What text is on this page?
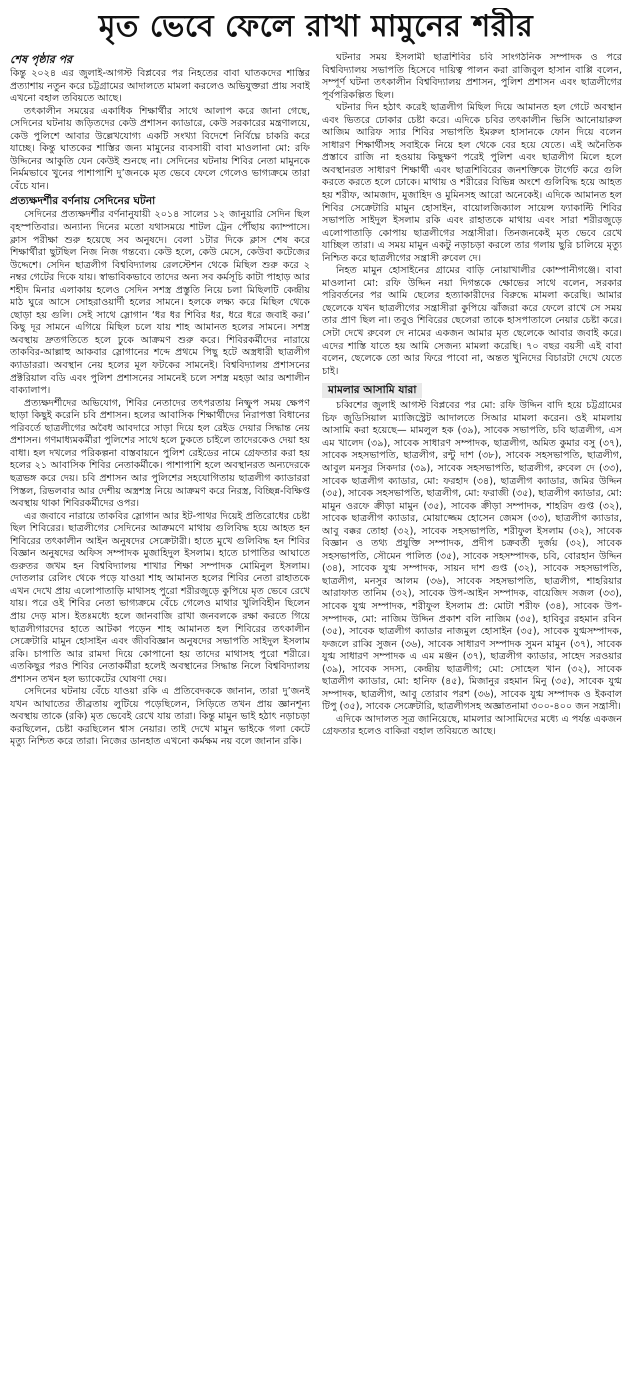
মৃত ভেবে ফেলে রাখা মামুনের শরীর
শেষ পৃষ্ঠার পর

কিন্তু ২০২৪ এর জুলাই-আগস্ট বিপ্লবের পর নিহতের বাবা ঘাতকদের শাস্তির প্রত্যাশায় নতুন করে চট্টগ্রামের আদালতে মামলা করলেও অভিযুক্তরা প্রায় সবাই এখনো বহাল তবিয়তে আছে।

তৎকালীন সময়ের একাধিক শিক্ষার্থীর সাথে আলাপ করে জানা গেছে, সেদিনের ঘটনায় জড়িতদের কেউ প্রশাসন ক্যাডারে, কেউ সরকারের মন্ত্রণালয়ে, কেউ পুলিশে আবার উল্লেখযোগ্য একটি সংখ্যা বিদেশে নির্বিঘ্নে চাকরি করে যাচ্ছে। কিন্তু ঘাতকের শাস্তির জন্য মামুনের ব্যবসায়ী বাবা মাওলানা মো: রফি উদ্দিনের আকুতি যেন কেউই শুনছে না। সেদিনের ঘটনায় শিবির নেতা মামুনকে নির্মমভাবে খুনের পাশাপাশি দু’জনকে মৃত ভেবে ফেলে গেলেও ভাগ্যক্রমে তারা বেঁচে যান।

প্রত্যক্ষদর্শীর বর্ণনায় সেদিনের ঘটনা

সেদিনের প্রত্যক্ষদর্শীর বর্ণনানুযায়ী ২০১৪ সালের ১২ জানুয়ারি সেদিন ছিল বৃহস্পতিবার। অন্যান্য দিনের মতো যথাসময়ে শাটল ট্রেন পৌঁছায় ক্যাম্পাসে। ক্লাস পরীক্ষা শুরু হয়েছে সব অনুষদে। বেলা ১টার দিকে ক্লাস শেষ করে শিক্ষার্থীরা ছুটছিল নিজ নিজ গন্তব্যে। কেউ হলে, কেউ মেসে, কেউবা কটেজের উদ্দেশে। সেদিন ছাত্রলীগ বিশ্ববিদ্যালয় রেলস্টেশন থেকে মিছিল শুরু করে ২ নম্বর গেটের দিকে যায়। স্বাভাবিকভাবে তাদের অন্য সব কর্মসূচি কাটা পাহাড় আর শহীদ মিনার এলাকায় হলেও সেদিন সশস্ত্র প্রস্তুতি নিয়ে চলা মিছিলটি কেন্দ্রীয় মাঠ ঘুরে আসে সোহরাওয়ার্দী হলের সামনে। হলকে লক্ষ্য করে মিছিল থেকে ছোড়া হয় গুলি। সেই সাথে স্লোগান ‘ধর ধর শিবির ধর, ধরে ধরে জবাই কর।’ কিছু দূর সামনে এগিয়ে মিছিল চলে যায় শাহ আমানত হলের সামনে। সশস্ত্র অবস্থায় দ্রুতগতিতে হলে ঢুকে আক্রমণ শুরু করে। শিবিরকর্মীদের নারায়ে তাকবির-আল্লাহু আকবার স্লোগানের শব্দে প্রথমে পিছু হটে অস্ত্রধারী ছাত্রলীগ ক্যাডাররা। অবস্থান নেয় হলের মূল ফটকের সামনেই। বিশ্ববিদ্যালয় প্রশাসনের প্রক্টরিয়াল বডি এবং পুলিশ প্রশাসনের সামনেই চলে সশস্ত্র মহড়া আর অশালীন বাক্যালাপ।

প্রত্যক্ষদর্শীদের অভিযোগ, শিবির নেতাদের তৎপরতায় নিষ্ফুপ সময় ক্ষেপণ ছাড়া কিছুই করেনি চবি প্রশাসন। হলের আবাসিক শিক্ষার্থীদের নিরাপত্তা বিধানের পরিবর্তে ছাত্রলীগের অবৈধ আবদারে সাড়া দিয়ে হল রেইড দেয়ার সিদ্ধান্ত নেয় প্রশাসন। গণমাধ্যমকর্মীরা পুলিশের সাথে হলে ঢুকতে চাইলে তাদেরকেও দেয়া হয় বাধা। হল দখলের পরিকল্পনা বাস্তবায়নে পুলিশ রেইডের নামে গ্রেফতার করা হয় হলের ২১ আবাসিক শিবির নেতাকর্মীকে। পাশাপাশি হলে অবস্থানরত অন্যদেরকে ছত্রভঙ্গ করে দেয়। চবি প্রশাসন আর পুলিশের সহযোগিতায় ছাত্রলীগ ক্যাডাররা পিস্তল, রিভলবার আর দেশীয় অস্ত্রশস্ত্র নিয়ে আক্রমণ করে নিরস্ত্র, বিচ্ছিন্ন-বিক্ষিপ্ত অবস্থায় থাকা শিবিরকর্মীদের ওপর।

এর জবাবে নারায়ে তাকবির স্লোগান আর ইট-পাথর দিয়েই প্রতিরোধের চেষ্টা ছিল শিবিরের। ছাত্রলীগের সেদিনের আক্রমণে মাথায় গুলিবিদ্ধ হয়ে আহত হন শিবিরের তৎকালীন আইন অনুষদের সেক্রেটারী। হাতে মুখে গুলিবিদ্ধ হন শিবির বিজ্ঞান অনুষদের অফিস সম্পাদক মুজাহিদুল ইসলাম। হাতে চাপাতির আঘাতে গুরুতর জখম হন বিশ্ববিদ্যালয় শাখার শিক্ষা সম্পাদক মোমিনুল ইসলাম। দোতলার রেলিং থেকে পড়ে যাওয়া শাহ আমানত হলের শিবির নেতা রাহাতকে এখন দেখে প্রায় এলোপাতাড়ি মাথাসহ পুরো শরীরজুড়ে কুপিয়ে মৃত ভেবে রেখে যায়। পরে ওই শিবির নেতা ভাগ্যক্রমে বেঁচে গেলেও মাথার খুলিবিহীন ছিলেন প্রায় দেড় মাস। ইতঃমধ্যে হলে জানবাজি রাখা জনবলকে রক্ষা করতে গিয়ে ছাত্রলীগারদের হাতে আটকা পড়েন শাহ আমানত হল শিবিরের তৎকালীন সেক্রেটারি মামুন হোসাইন এবং জীববিজ্ঞান অনুষদের সভাপতি সাইদুল ইসলাম রকি। চাপাতি আর রামদা দিয়ে কোপানো হয় তাদের মাথাসহ পুরো শরীরে। এতকিছুর পরও শিবির নেতাকর্মীরা হলেই অবস্থানের সিদ্ধান্ত নিলে বিশ্ববিদ্যালয় প্রশাসন তখন হল ভ্যাকেটের ঘোষণা দেয়।

সেদিনের ঘটনায় বেঁচে যাওয়া রকি এ প্রতিবেদককে জানান, তারা দু’জনই যখন আঘাতের তীব্রতায় লুটিয়ে পড়েছিলেন, সিড়িতে তখন প্রায় জ্ঞানশূন্য অবস্থায় তাকে (রকি) মৃত ভেবেই রেখে যায় তারা। কিন্তু মামুন ভাই হঠাৎ নড়াচড়া করছিলেন, চেষ্টা করছিলেন শ্বাস নেয়ার। তাই দেখে মামুন ভাইকে গলা কেটে মৃত্যু নিশ্চিত করে তারা। নিজের ডানহাত এখনো কর্মক্ষম নয় বলে জানান রকি।

ঘটনার সময় ইসলামী ছাত্রশিবির চবি সাংগঠনিক সম্পাদক ও পরে বিশ্ববিদ্যালয় সভাপতি হিসেবে দায়িত্ব পালন করা রাজিবুল হাসান বাপ্পি বলেন, সম্পূর্ণ ঘটনা তৎকালীন বিশ্ববিদ্যালয় প্রশাসন, পুলিশ প্রশাসন এবং ছাত্রলীগের পূর্বপরিকল্পিত ছিল।

ঘটনার দিন হঠাৎ করেই ছাত্রলীগ মিছিল দিয়ে আমানত হল গেটে অবস্থান এবং ভিতরে ঢোকার চেষ্টা করে। এদিকে চবির তৎকালীন ভিসি আনোয়ারুল আজিম আরিফ স্যার শিবির সভাপতি ইমরুল হাসানকে ফোন দিয়ে বলেন সাধারণ শিক্ষার্থীসহ সবাইকে নিয়ে হল থেকে বের হয়ে যেতে। এই অনৈতিক প্রস্তাবে রাজি না হওয়ায় কিছুক্ষণ পরেই পুলিশ এবং ছাত্রলীগ মিলে হলে অবস্থানরত সাধারণ শিক্ষার্থী এবং ছাত্রশিবিরের জনশক্তিকে টার্গেট করে গুলি করতে করতে হলে ঢোকে। মাথায় ও শরীরের বিভিন্ন অংশে গুলিবিদ্ধ হয়ে আহত হয় শরীফ, আমজাদ, মুজাহিদ ও মুমিনসহ আরো অনেকেই। এদিকে আমানত হল শিবির সেক্রেটারি মামুন হোসাইন, বায়োলজিক্যাল সায়েন্স ফ্যাকাল্টি শিবির সভাপতি সাইদুল ইসলাম রকি এবং রাহাতকে মাথায় এবং সারা শরীরজুড়ে এলোপাতাড়ি কোপায় ছাত্রলীগের সন্ত্রাসীরা। তিনজনকেই মৃত ভেবে রেখে যাচ্ছিল তারা। এ সময় মামুন একটু নড়াচড়া করলে তার গলায় ছুরি চালিয়ে মৃত্যু নিশ্চিত করে ছাত্রলীগের সন্ত্রাসী রুবেল দে।

নিহত মামুন হোসাইনের গ্রামের বাড়ি নোয়াখালীর কোম্পানীগঞ্জে। বাবা মাওলানা মো: রফি উদ্দিন নয়া দিগন্তকে ক্ষোভের সাথে বলেন, সরকার পরিবর্তনের পর আমি ছেলের হত্যাকারীদের বিরুদ্ধে মামলা করেছি। আমার ছেলেকে যখন ছাত্রলীগের সন্ত্রাসীরা কুপিয়ে ঝাঁজরা করে ফেলে রাখে সে সময় তার প্রাণ ছিল না। তবুও শিবিরের ছেলেরা তাকে হাসপাতালে নেয়ার চেষ্টা করে। সেটা দেখে রুবেল দে নামের একজন আমার মৃত ছেলেকে আবার জবাই করে। এদের শাস্তি যাতে হয় আমি সেজন্য মামলা করেছি। ৭০ বছর বয়সী এই বাবা বলেন, ছেলেকে তো আর ফিরে পাবো না, অন্তত খুনিদের বিচারটা দেখে যেতে চাই।

মামলার আসামি যারা

চব্বিশের জুলাই আগস্ট বিপ্লবের পর মো: রফি উদ্দিন বাদি হয়ে চট্টগ্রামের চিফ জুডিসিয়াল ম্যাজিস্ট্রেট আদালতে সিআর মামলা করেন। ওই মামলায় আসামি করা হয়েছে— মামলুল হক (৩৯), সাবেক সভাপতি, চবি ছাত্রলীগ, এস এম খালেদ (৩৯), সাবেক সাধারণ সম্পাদক, ছাত্রলীগ, অমিত কুমার বসু (৩৭), সাবেক সহসভাপতি, ছাত্রলীগ, রন্টু দাশ (৩৮), সাবেক সহসভাপতি, ছাত্রলীগ, আবুল মনসুর সিকদার (৩৯), সাবেক সহসভাপতি, ছাত্রলীগ, রুবেল দে (৩৩), সাবেক ছাত্রলীগ ক্যাডার, মো: ফরহাদ (৩৪), ছাত্রলীগ ক্যাডার, জমির উদ্দিন (৩৫), সাবেক সহসভাপতি, ছাত্রলীগ, মো: ফরাজী (৩৫), ছাত্রলীগ ক্যাডার, মো: মামুন ওরফে ক্রীড়া মামুন (৩৫), সাবেক ক্রীড়া সম্পাদক, শাহরিদ গুপ্ত (৩২), সাবেক ছাত্রলীগ ক্যাডার, মোয়াজ্জেম হোসেন জেমস (৩৩), ছাত্রলীগ ক্যাডার, আবু বক্কর তোহা (৩২), সাবেক সহসভাপতি, শরীফুল ইসলাম (৩২), সাবেক বিজ্ঞান ও তথ্য প্রযুক্তি সম্পাদক, প্রদীপ চক্রবর্তী দুর্জয় (৩২), সাবেক সহসভাপতি, সৌমেন পালিত (৩৫), সাবেক সহসম্পাদক, চবি, বোরহান উদ্দিন (৩৪), সাবেক যুগ্ম সম্পাদক, সায়ন দাশ গুপ্ত (৩২), সাবেক সহসভাপতি, ছাত্রলীগ, মনসুর আলম (৩৬), সাবেক সহসভাপতি, ছাত্রলীগ, শাহরিয়ার আরাফাত তানিম (৩২), সাবেক উপ-আইন সম্পাদক, বায়েজিদ সজল (৩৩), সাবেক যুগ্ম সম্পাদক, শরীফুল ইসলাম প্র: মোটা শরীফ (৩৪), সাবেক উপ-সম্পাদক, মো: নাজিম উদ্দিন প্রকাশ বলি নাজিম (৩৫), হাবিবুর রহমান রবিন (৩৫), সাবেক ছাত্রলীগ ক্যাডার নাজমুল হোসাইন (৩৫), সাবেক যুগ্মসম্পাদক, ফজলে রাব্বি সুজন (৩৬), সাবেক সাধারণ সম্পাদক সুমন মামুন (৩৭), সাবেক যুগ্ম সাধারণ সম্পাদক এ এম মঞ্জন (৩৭), ছাত্রলীগ ক্যাডার, সাহেদ সরওয়ার (৩৯), সাবেক সদস্য, কেন্দ্রীয় ছাত্রলীগ; মো: সোহেল খান (৩২), সাবেক ছাত্রলীগ ক্যাডার, মো: হানিফ (৪৫), মিজানুর রহমান মিনু (৩৫), সাবেক যুগ্ম সম্পাদক, ছাত্রলীগ, আবু তোরাব পরশ (৩৬), সাবেক যুগ্ম সম্পাদক ও ইকবাল টিপু (৩৫), সাবেক সেক্রেটারি, ছাত্রলীগসহ অজ্ঞাতনামা ৩০০-৪০০ জন সন্ত্রাসী।

এদিকে আদালত সূত্র জানিয়েছে, মামলার আসামিদের মধ্যে এ পর্যন্ত একজন গ্রেফতার হলেও বাকিরা বহাল তবিয়তে আছে।
